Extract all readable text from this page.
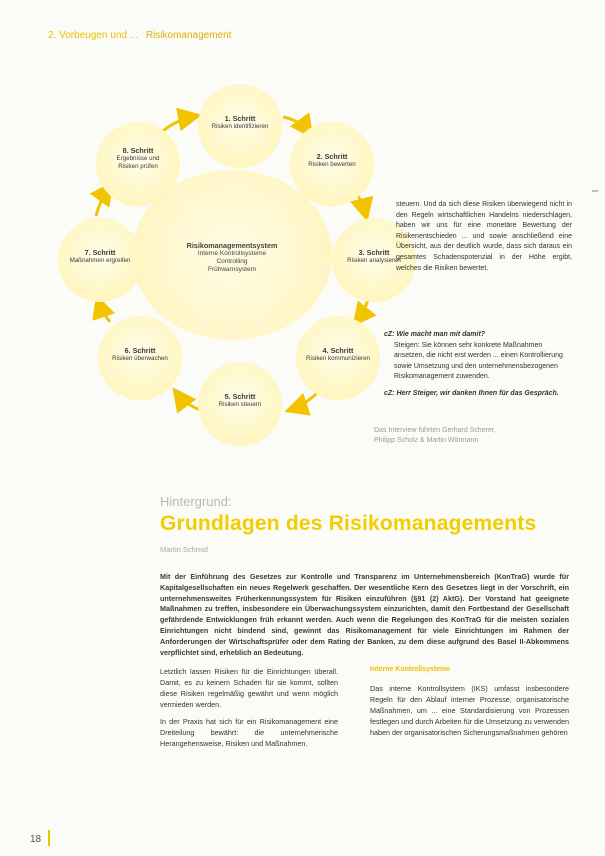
2. Vorbeugen und ... Risikomanagement
Risikomanagementsystem
Interne Kontrollsysteme
Controlling
Frühwarnsystem
1. Schritt
Risiken identifizieren
2. Schritt
Risiken bewerten
3. Schritt
Risiken analysieren
4. Schritt
Risiken kommunizieren
5. Schritt
Risiken steuern
6. Schritt
Risiken überwachen
7. Schritt
Maßnahmen ergreifen
8. Schritt
Ergebnisse und
Risiken prüfen

steuern. Und da sich diese Risiken überwiegend nicht in den Regeln wirtschaftlichen Handelns niederschlagen, haben wir uns für eine monetäre Bewertung der Risikenentschieden ... und sowie anschließend eine Übersicht, aus der deutlich wurde, dass sich daraus ein gesamtes Schadenspotenzial in der Höhe ergibt, welches die Risiken bewertet.

cZ: Wie macht man mit damit?
Steigen: Sie können sehr konkrete Maßnahmen ansetzen, die nicht erst werden ... einen Kontrollierung sowie Umsetzung und den unternehmensbezogenen Risikomanagement zuwenden.
cZ: Herr Steiger, wir danken Ihnen für das Gespräch.
Das Interview führten Gerhard Scherer,
Philipp Scholz & Martin Wörmann
Hintergrund:
Grundlagen des Risikomanagements
Martin Schmid
Mit der Einführung des Gesetzes zur Kontrolle und Transparenz im Unternehmensbereich (KonTraG) wurde für Kapitalgesellschaften ein neues Regelwerk geschaffen. Der wesentliche Kern des Gesetzes liegt in der Vorschrift, ein unternehmensweites Früherkennungssystem für Risiken einzuführen (§91 (2) AktG). Der Vorstand hat geeignete Maßnahmen zu treffen, insbesondere ein Überwachungssystem einzurichten, damit den Fortbestand der Gesellschaft gefährdende Entwicklungen früh erkannt werden. Auch wenn die Regelungen des KonTraG für die meisten sozialen Einrichtungen nicht bindend sind, gewinnt das Risikomanagement für viele Einrichtungen im Rahmen der Anforderungen der Wirtschaftsprüfer oder dem Rating der Banken, zu dem diese aufgrund des Basel II-Abkommens verpflichtet sind, erheblich an Bedeutung.

Letztlich lassen Risiken für die Einrichtungen überall. Damit, es zu keinem Schaden für sie kommt, sollten diese Risiken regelmäßig gewährt und wenn möglich vermieden werden.

In der Praxis hat sich für ein Risikomanagement eine Dreiteilung bewährt: die unternehmerische Herangehensweise, Risiken und Maßnahmen.

Interne Kontrollsysteme

Das interne Kontrollsystem (IKS) umfasst insbesondere Regeln für den Ablauf interner Prozesse, organisatorische Maßnahmen, um ... eine Standardisierung von Prozessen festlegen und durch Arbeiten für die Umsetzung zu verwenden haben der organisatorischen Sicherungsmaßnahmen gehören

18
